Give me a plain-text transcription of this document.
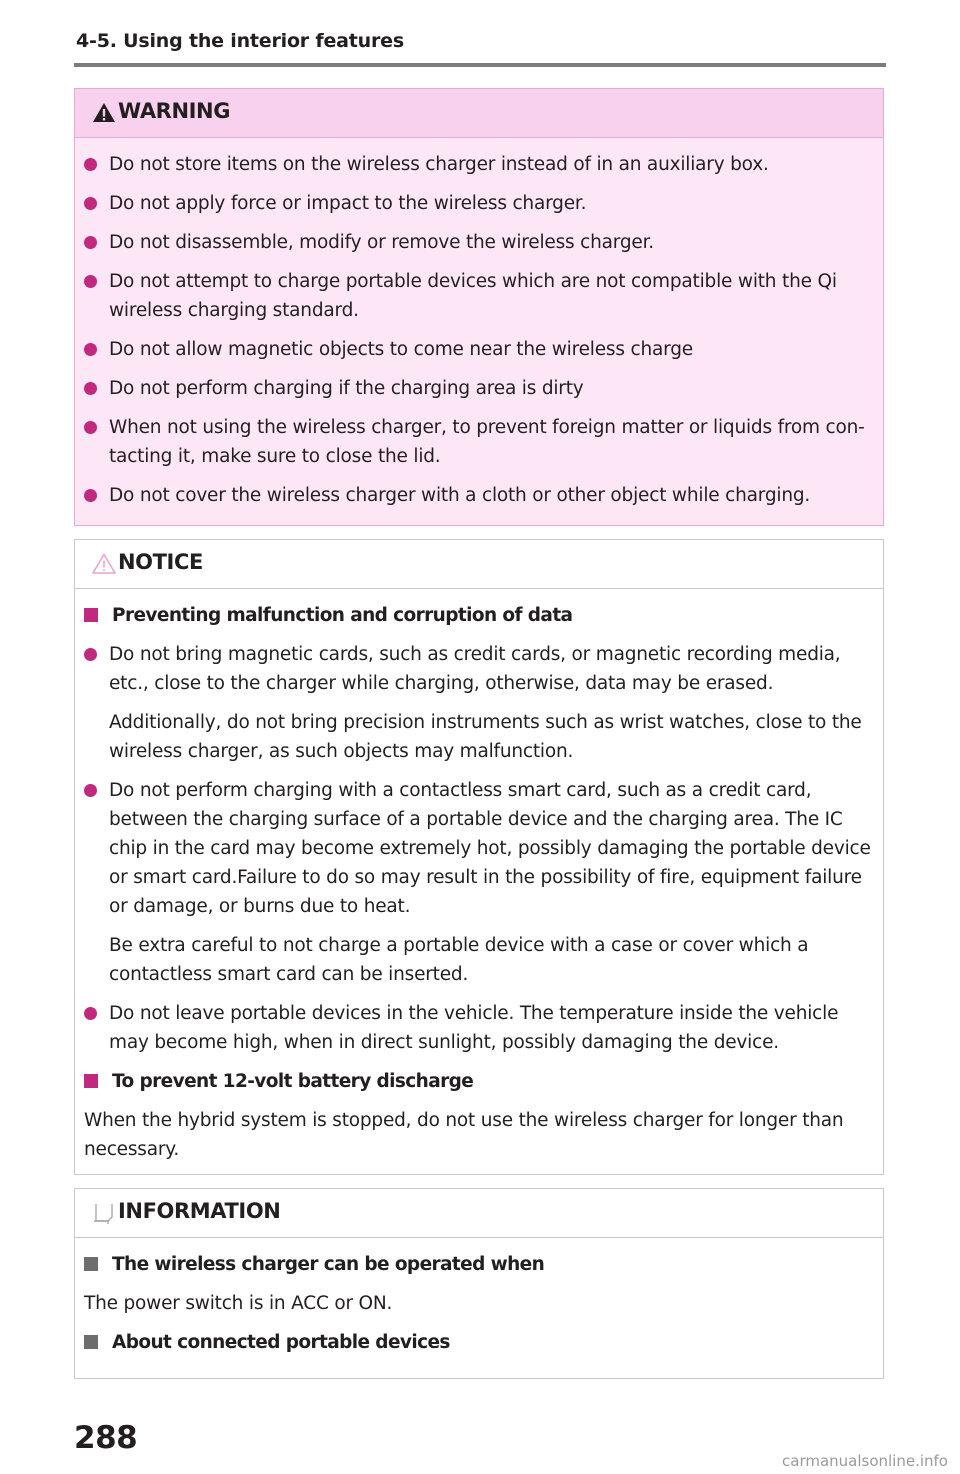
4-5. Using the interior features
WARNING
Do not store items on the wireless charger instead of in an auxiliary box.
Do not apply force or impact to the wireless charger.
Do not disassemble, modify or remove the wireless charger.
Do not attempt to charge portable devices which are not compatible with the Qi wireless charging standard.
Do not allow magnetic objects to come near the wireless charge
Do not perform charging if the charging area is dirty
When not using the wireless charger, to prevent foreign matter or liquids from con-tacting it, make sure to close the lid.
Do not cover the wireless charger with a cloth or other object while charging.
NOTICE
Preventing malfunction and corruption of data
Do not bring magnetic cards, such as credit cards, or magnetic recording media, etc., close to the charger while charging, otherwise, data may be erased.
Additionally, do not bring precision instruments such as wrist watches, close to the wireless charger, as such objects may malfunction.
Do not perform charging with a contactless smart card, such as a credit card, between the charging surface of a portable device and the charging area. The IC chip in the card may become extremely hot, possibly damaging the portable device or smart card.Failure to do so may result in the possibility of fire, equipment failure or damage, or burns due to heat.
Be extra careful to not charge a portable device with a case or cover which a contactless smart card can be inserted.
Do not leave portable devices in the vehicle. The temperature inside the vehicle may become high, when in direct sunlight, possibly damaging the device.
To prevent 12-volt battery discharge
When the hybrid system is stopped, do not use the wireless charger for longer than necessary.
INFORMATION
The wireless charger can be operated when
The power switch is in ACC or ON.
About connected portable devices
288
carmanualsonline.info
